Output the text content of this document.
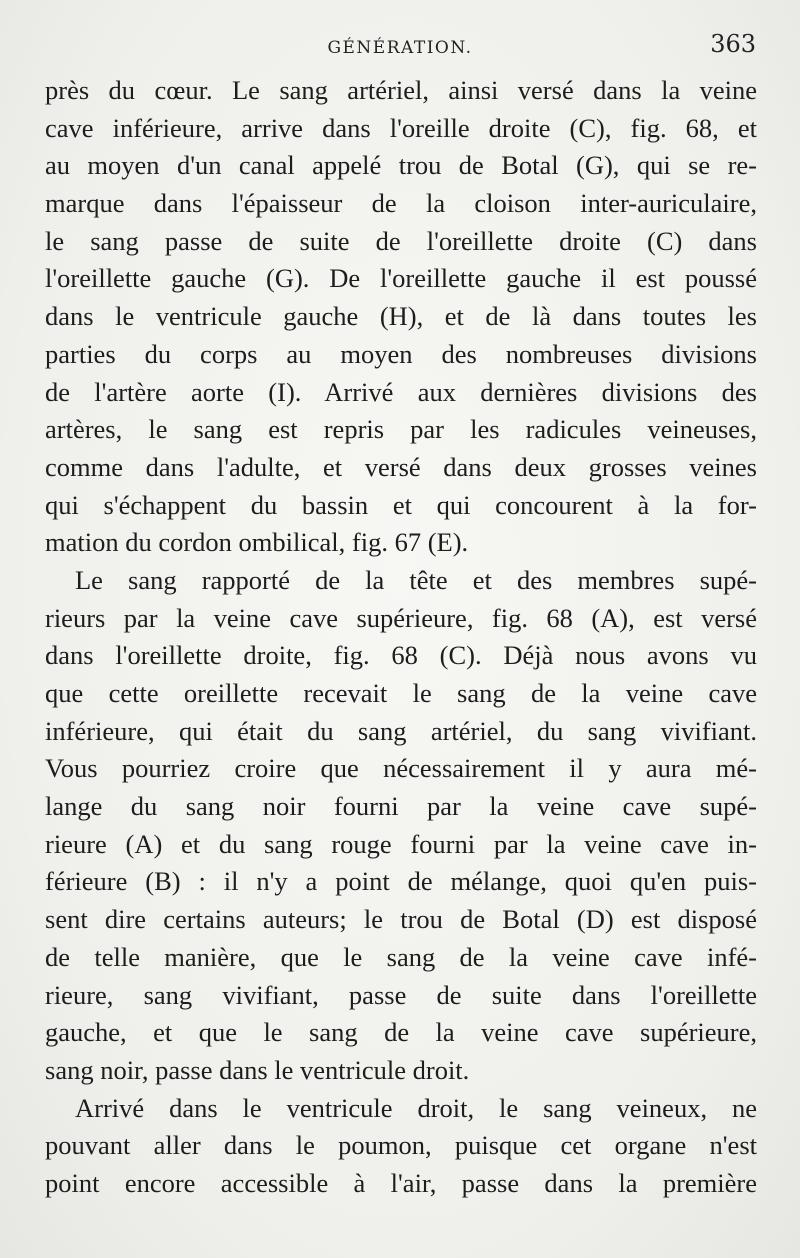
GÉNÉRATION.	363
près du cœur. Le sang artériel, ainsi versé dans la veine
cave inférieure, arrive dans l'oreille droite (C), fig. 68, et
au moyen d'un canal appelé trou de Botal (G), qui se re-
marque dans l'épaisseur de la cloison inter-auriculaire,
le sang passe de suite de l'oreillette droite (C) dans
l'oreillette gauche (G). De l'oreillette gauche il est poussé
dans le ventricule gauche (H), et de là dans toutes les
parties du corps au moyen des nombreuses divisions
de l'artère aorte (I). Arrivé aux dernières divisions des
artères, le sang est repris par les radicules veineuses,
comme dans l'adulte, et versé dans deux grosses veines
qui s'échappent du bassin et qui concourent à la for-
mation du cordon ombilical, fig. 67 (E).
Le sang rapporté de la tête et des membres supé-
rieurs par la veine cave supérieure, fig. 68 (A), est versé
dans l'oreillette droite, fig. 68 (C). Déjà nous avons vu
que cette oreillette recevait le sang de la veine cave
inférieure, qui était du sang artériel, du sang vivifiant.
Vous pourriez croire que nécessairement il y aura mé-
lange du sang noir fourni par la veine cave supé-
rieure (A) et du sang rouge fourni par la veine cave in-
férieure (B) : il n'y a point de mélange, quoi qu'en puis-
sent dire certains auteurs; le trou de Botal (D) est disposé
de telle manière, que le sang de la veine cave infé-
rieure, sang vivifiant, passe de suite dans l'oreillette
gauche, et que le sang de la veine cave supérieure,
sang noir, passe dans le ventricule droit.
Arrivé dans le ventricule droit, le sang veineux, ne
pouvant aller dans le poumon, puisque cet organe n'est
point encore accessible à l'air, passe dans la première
